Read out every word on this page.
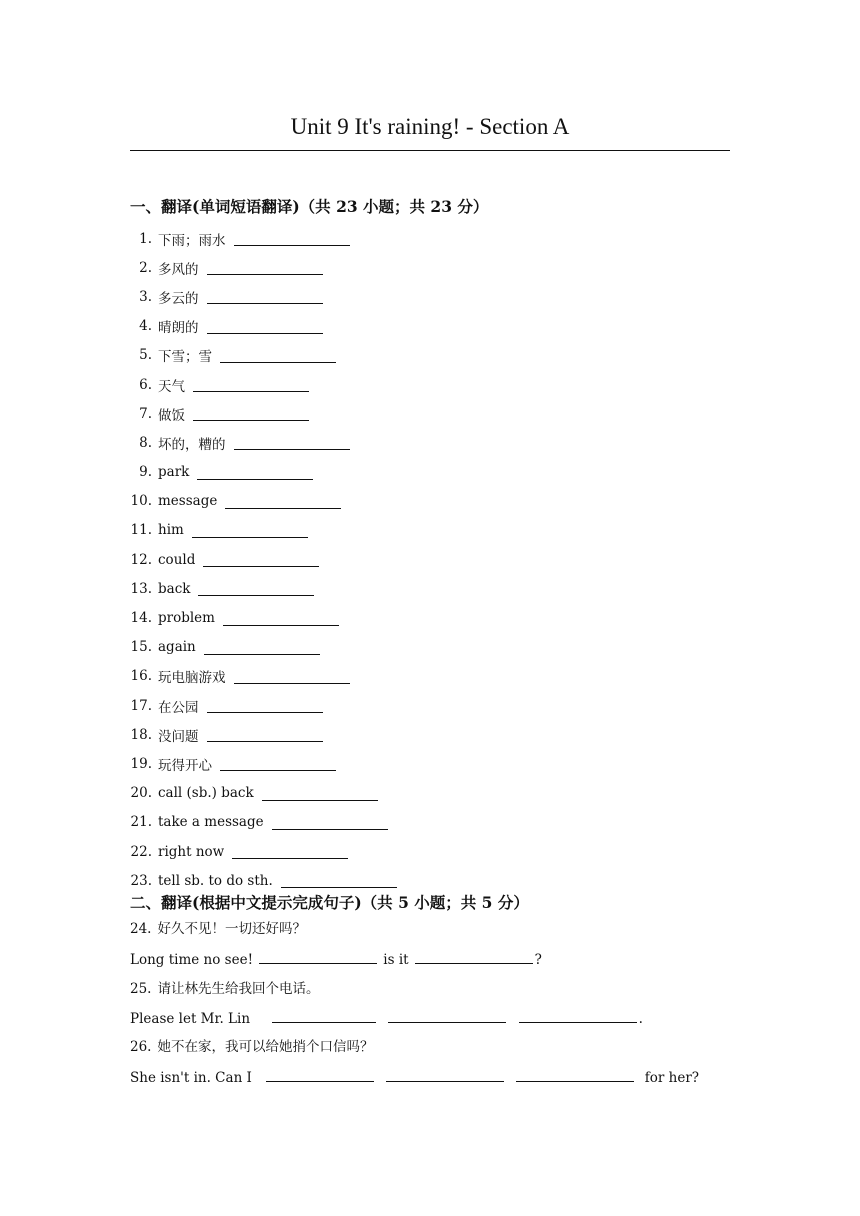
Unit 9 It's raining! - Section A
一、翻译(单词短语翻译)（共 23 小题；共 23 分）
1. 下雨；雨水
2. 多风的
3. 多云的
4. 晴朗的
5. 下雪；雪
6. 天气
7. 做饭
8. 坏的，糟的
9. park
10. message
11. him
12. could
13. back
14. problem
15. again
16. 玩电脑游戏
17. 在公园
18. 没问题
19. 玩得开心
20. call (sb.) back
21. take a message
22. right now
23. tell sb. to do sth.
二、翻译(根据中文提示完成句子)（共 5 小题；共 5 分）
24. 好久不见！一切还好吗？
Long time no see!	is it	?
25. 请让林先生给我回个电话。
Please let Mr. Lin	.
26. 她不在家，我可以给她捎个口信吗？
She isn't in. Can I	for her?
